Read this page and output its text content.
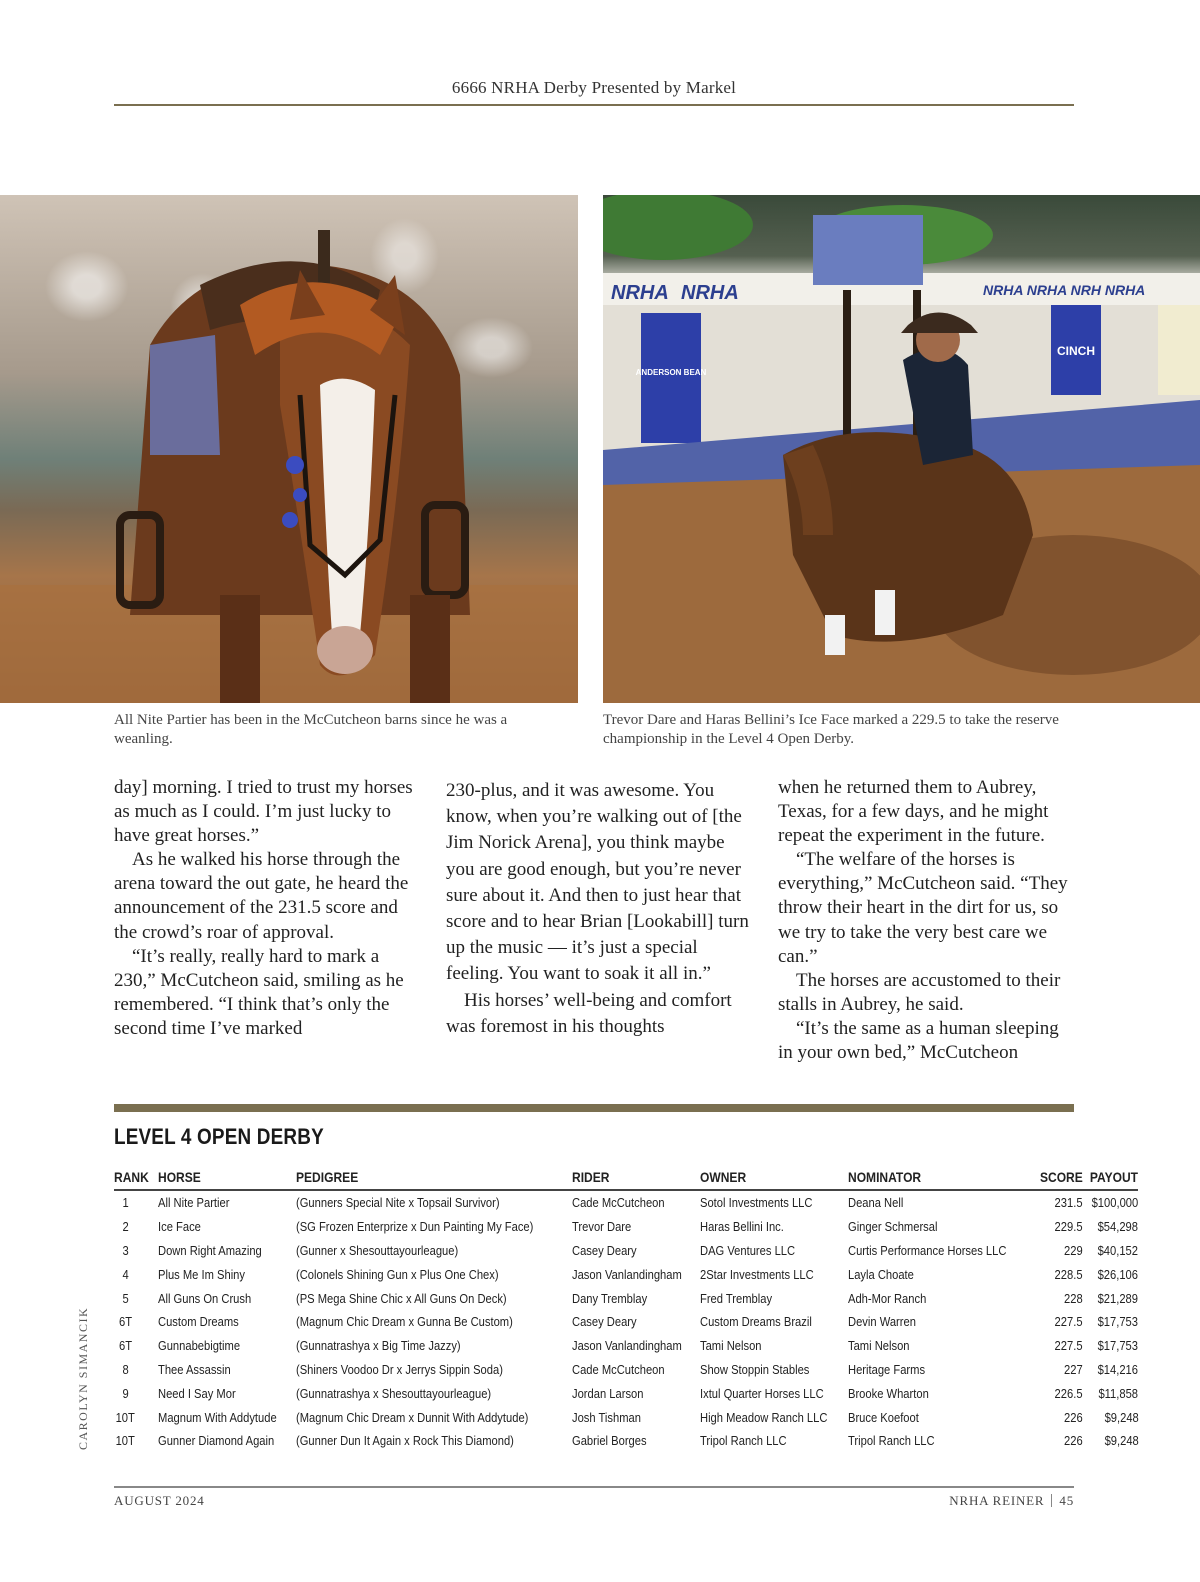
6666 NRHA Derby Presented by Markel
NRHA NRHA	NRHA NRHA NRH NRHA
ANDERSON BEAN
CINCH
All Nite Partier has been in the McCutcheon barns since he was a weanling.
Trevor Dare and Haras Bellini’s Ice Face marked a 229.5 to take the reserve championship in the Level 4 Open Derby.

day] morning. I tried to trust my horses as much as I could. I’m just lucky to have great horses.”

As he walked his horse through the arena toward the out gate, he heard the announcement of the 231.5 score and the crowd’s roar of approval.

“It’s really, really hard to mark a 230,” McCutcheon said, smiling as he remembered. “I think that’s only the second time I’ve marked

230-plus, and it was awesome. You know, when you’re walking out of [the Jim Norick Arena], you think maybe you are good enough, but you’re never sure about it. And then to just hear that score and to hear Brian [Lookabill] turn up the music — it’s just a special feeling. You want to soak it all in.”

His horses’ well-being and comfort was foremost in his thoughts

when he returned them to Aubrey, Texas, for a few days, and he might repeat the experiment in the future.

“The welfare of the horses is everything,” McCutcheon said. “They throw their heart in the dirt for us, so we try to take the very best care we can.”

The horses are accustomed to their stalls in Aubrey, he said.

“It’s the same as a human sleeping in your own bed,” McCutcheon

LEVEL 4 OPEN DERBY
RANK	HORSE	PEDIGREE	RIDER	OWNER	NOMINATOR	SCORE	PAYOUT
1	All Nite Partier	(Gunners Special Nite x Topsail Survivor)	Cade McCutcheon	Sotol Investments LLC	Deana Nell	231.5	$100,000
2	Ice Face	(SG Frozen Enterprize x Dun Painting My Face)	Trevor Dare	Haras Bellini Inc.	Ginger Schmersal	229.5	$54,298
3	Down Right Amazing	(Gunner x Shesouttayourleague)	Casey Deary	DAG Ventures LLC	Curtis Performance Horses LLC	229	$40,152
4	Plus Me Im Shiny	(Colonels Shining Gun x Plus One Chex)	Jason Vanlandingham	2Star Investments LLC	Layla Choate	228.5	$26,106
5	All Guns On Crush	(PS Mega Shine Chic x All Guns On Deck)	Dany Tremblay	Fred Tremblay	Adh-Mor Ranch	228	$21,289
6T	Custom Dreams	(Magnum Chic Dream x Gunna Be Custom)	Casey Deary	Custom Dreams Brazil	Devin Warren	227.5	$17,753
6T	Gunnabebigtime	(Gunnatrashya x Big Time Jazzy)	Jason Vanlandingham	Tami Nelson	Tami Nelson	227.5	$17,753
8	Thee Assassin	(Shiners Voodoo Dr x Jerrys Sippin Soda)	Cade McCutcheon	Show Stoppin Stables	Heritage Farms	227	$14,216
9	Need I Say Mor	(Gunnatrashya x Shesouttayourleague)	Jordan Larson	Ixtul Quarter Horses LLC	Brooke Wharton	226.5	$11,858
10T	Magnum With Addytude	(Magnum Chic Dream x Dunnit With Addytude)	Josh Tishman	High Meadow Ranch LLC	Bruce Koefoot	226	$9,248
10T	Gunner Diamond Again	(Gunner Dun It Again x Rock This Diamond)	Gabriel Borges	Tripol Ranch LLC	Tripol Ranch LLC	226	$9,248
CAROLYN SIMANCIK
AUGUST 2024	NRHA REINER 45
